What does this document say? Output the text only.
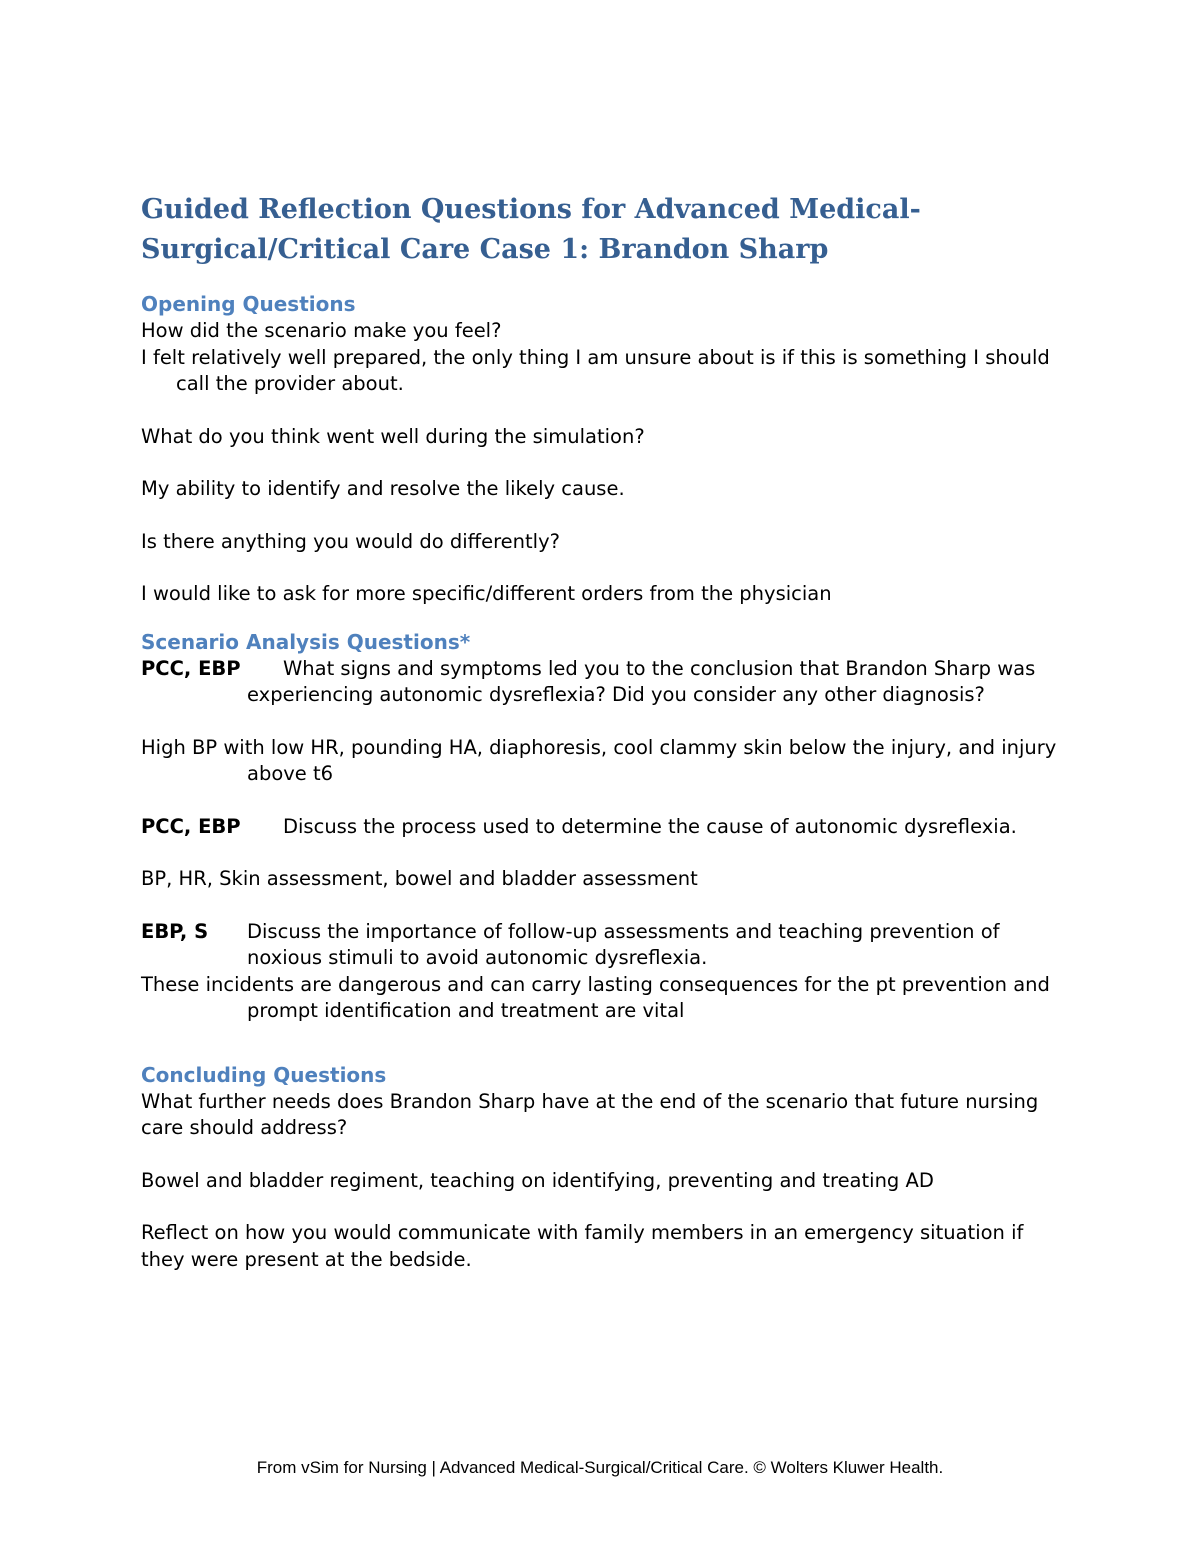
Guided Reflection Questions for Advanced Medical-Surgical/Critical Care Case 1: Brandon Sharp
Opening Questions

How did the scenario make you feel?

I felt relatively well prepared, the only thing I am unsure about is if this is something I should call the provider about.

What do you think went well during the simulation?

My ability to identify and resolve the likely cause.

Is there anything you would do differently?

I would like to ask for more specific/different orders from the physician

Scenario Analysis Questions*

PCC, EBP What signs and symptoms led you to the conclusion that Brandon Sharp was experiencing autonomic dysreflexia? Did you consider any other diagnosis?

High BP with low HR, pounding HA, diaphoresis, cool clammy skin below the injury, and injury above t6

PCC, EBP Discuss the process used to determine the cause of autonomic dysreflexia.

BP, HR, Skin assessment, bowel and bladder assessment

EBP, S Discuss the importance of follow-up assessments and teaching prevention of noxious stimuli to avoid autonomic dysreflexia.

These incidents are dangerous and can carry lasting consequences for the pt prevention and prompt identification and treatment are vital

Concluding Questions

What further needs does Brandon Sharp have at the end of the scenario that future nursing care should address?

Bowel and bladder regiment, teaching on identifying, preventing and treating AD

Reflect on how you would communicate with family members in an emergency situation if they were present at the bedside.

From vSim for Nursing | Advanced Medical-Surgical/Critical Care. © Wolters Kluwer Health.
